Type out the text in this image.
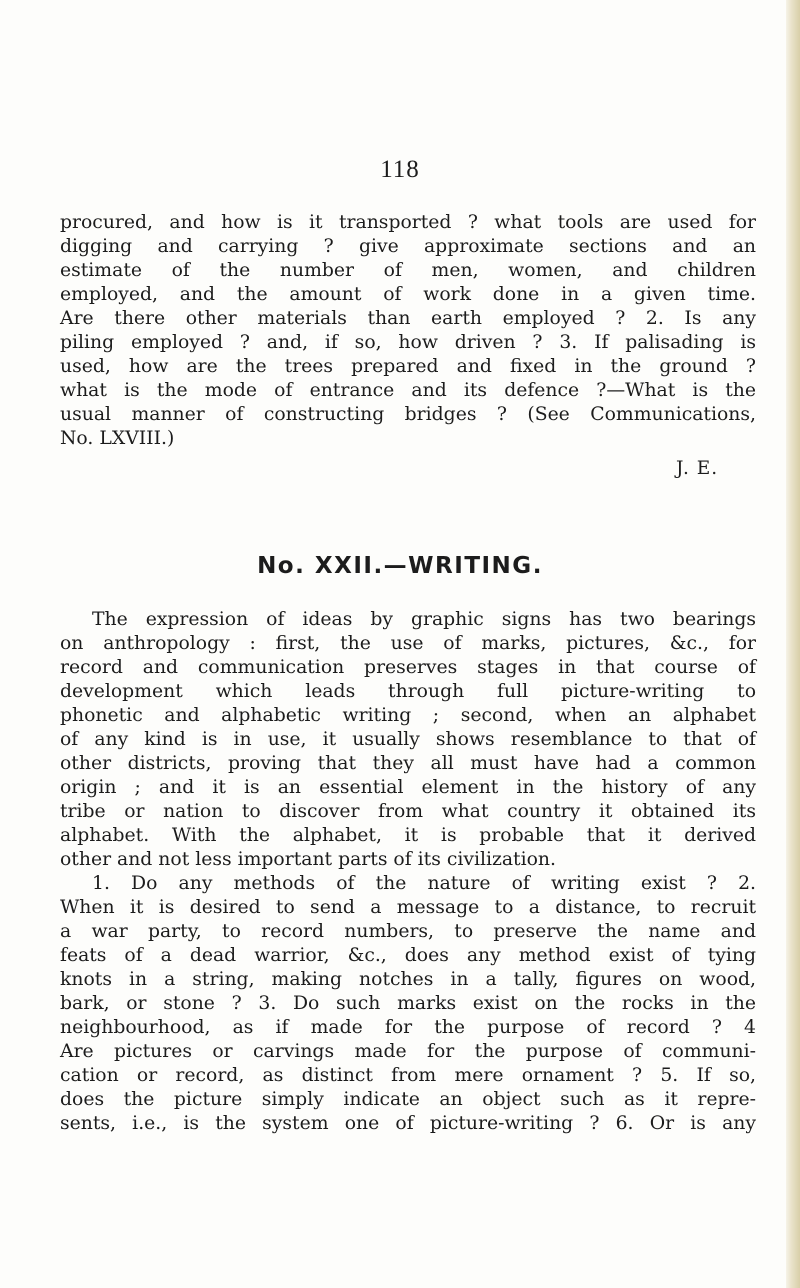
118

procured, and how is it transported ? what tools are used for
digging and carrying ? give approximate sections and an
estimate of the number of men, women, and children
employed, and the amount of work done in a given time.
Are there other materials than earth employed ? 2. Is any
piling employed ? and, if so, how driven ? 3. If palisading is
used, how are the trees prepared and fixed in the ground ?
what is the mode of entrance and its defence ?—What is the
usual manner of constructing bridges ? (See Communications,
No. LXVIII.)

J. E.
No. XXII.—WRITING.

The expression of ideas by graphic signs has two bearings
on anthropology : first, the use of marks, pictures, &c., for
record and communication preserves stages in that course of
development which leads through full picture-writing to
phonetic and alphabetic writing ; second, when an alphabet
of any kind is in use, it usually shows resemblance to that of
other districts, proving that they all must have had a common
origin ; and it is an essential element in the history of any
tribe or nation to discover from what country it obtained its
alphabet. With the alphabet, it is probable that it derived
other and not less important parts of its civilization.

1. Do any methods of the nature of writing exist ? 2.
When it is desired to send a message to a distance, to recruit
a war party, to record numbers, to preserve the name and
feats of a dead warrior, &c., does any method exist of tying
knots in a string, making notches in a tally, figures on wood,
bark, or stone ? 3. Do such marks exist on the rocks in the
neighbourhood, as if made for the purpose of record ? 4
Are pictures or carvings made for the purpose of communi-
cation or record, as distinct from mere ornament ? 5. If so,
does the picture simply indicate an object such as it repre-
sents, i.e., is the system one of picture-writing ? 6. Or is any
